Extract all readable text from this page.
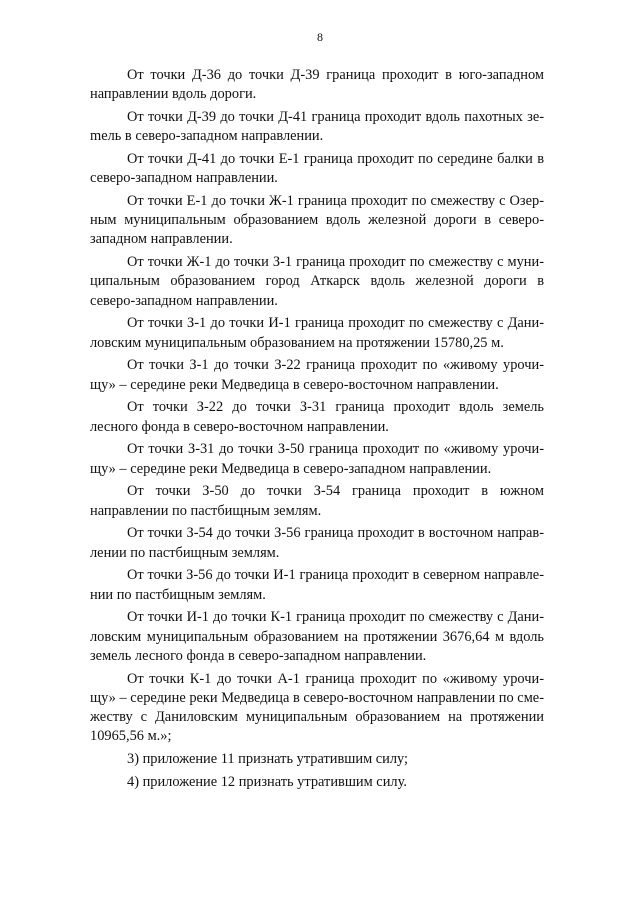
8

От точки Д-36 до точки Д-39 граница проходит в юго-западном направлении вдоль дороги.

От точки Д-39 до точки Д-41 граница проходит вдоль пахотных зеmель в северо-западном направлении.

От точки Д-41 до точки Е-1 граница проходит по середине балки в северо-западном направлении.

От точки Е-1 до точки Ж-1 граница проходит по смежеству с Озерным муниципальным образованием вдоль железной дороги в северо-западном направлении.

От точки Ж-1 до точки З-1 граница проходит по смежеству с муниципальным образованием город Аткарск вдоль железной дороги в северо-западном направлении.

От точки З-1 до точки И-1 граница проходит по смежеству с Даниловским муниципальным образованием на протяжении 15780,25 м.

От точки З-1 до точки З-22 граница проходит по «живому урочищу» – середине реки Медведица в северо-восточном направлении.

От точки З-22 до точки З-31 граница проходит вдоль земель лесного фонда в северо-восточном направлении.

От точки З-31 до точки З-50 граница проходит по «живому урочищу» – середине реки Медведица в северо-западном направлении.

От точки З-50 до точки З-54 граница проходит в южном направлении по пастбищным землям.

От точки З-54 до точки З-56 граница проходит в восточном направлении по пастбищным землям.

От точки З-56 до точки И-1 граница проходит в северном направлении по пастбищным землям.

От точки И-1 до точки К-1 граница проходит по смежеству с Даниловским муниципальным образованием на протяжении 3676,64 м вдоль земель лесного фонда в северо-западном направлении.

От точки К-1 до точки А-1 граница проходит по «живому урочищу» – середине реки Медведица в северо-восточном направлении по смежеству с Даниловским муниципальным образованием на протяжении 10965,56 м.»;

3) приложение 11 признать утратившим силу;

4) приложение 12 признать утратившим силу.
